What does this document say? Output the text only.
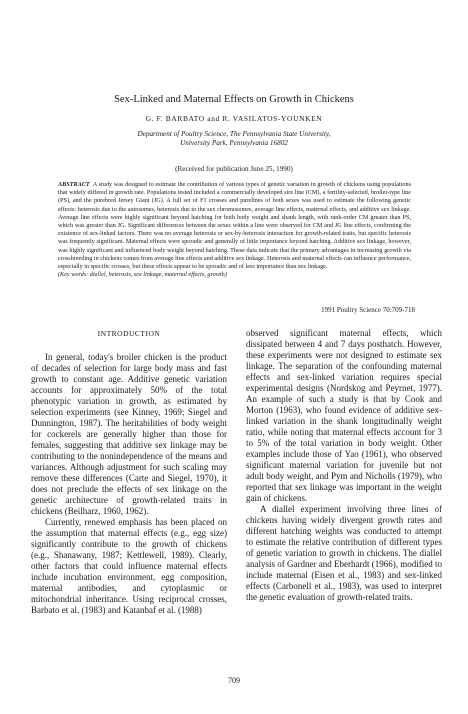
Sex-Linked and Maternal Effects on Growth in Chickens
G. F. BARBATO and R. VASILATOS-YOUNKEN
Department of Poultry Science, The Pennsylvania State University,
University Park, Pennsylvania 16802
(Received for publication June 25, 1990)
ABSTRACT A study was designed to estimate the contribution of various types of genetic variation in growth of chickens using populations that widely differed in growth rate. Populations tested included a commercially developed sire line (CM), a fertility-selected, broiler-type line (PS), and the purebred Jersey Giant (JG). A full set of F1 crosses and purelines of both sexes was used to estimate the following genetic effects: heterosis due to the autosomes, heterosis due to the sex chromosomes, average line effects, maternal effects, and additive sex linkage. Average line effects were highly significant beyond hatching for both body weight and shank length, with rank-order CM greater than PS, which was greater than JG. Significant differences between the sexes within a line were observed for CM and JG line effects, confirming the existence of sex-linked factors. There was no average heterosis or sex-by-heterosis interaction for growth-related traits, but specific heterosis was frequently significant. Maternal effects were sporadic and generally of little importance beyond hatching. Additive sex linkage, however, was highly significant and influenced body weight beyond hatching. These data indicate that the primary advantages in increasing growth via crossbreeding in chickens comes from average line effects and additive sex linkage. Heterosis and maternal effects can influence performance, especially in specific crosses, but these effects appear to be sporadic and of less importance than sex linkage.
(Key words: diallel, heterosis, sex linkage, maternal effects, growth)
1991 Poultry Science 70:709-718

INTRODUCTION

In general, today's broiler chicken is the product of decades of selection for large body mass and fast growth to constant age. Additive genetic variation accounts for approximately 50% of the total phenotypic variation in growth, as estimated by selection experiments (see Kinney, 1969; Siegel and Dunnington, 1987). The heritabilities of body weight for cockerels are generally higher than those for females, suggesting that additive sex linkage may be contributing to the nonindependence of the means and variances. Although adjustment for such scaling may remove these differences (Carte and Siegel, 1970), it does not preclude the effects of sex linkage on the genetic architecture of growth-related traits in chickens (Beilharz, 1960, 1962).

Currently, renewed emphasis has been placed on the assumption that maternal effects (e.g., egg size) significantly contribute to the growth of chickens (e.g., Shanawany, 1987; Kettlewell, 1989). Clearly, other factors that could influence maternal effects include incubation environment, egg composition, maternal antibodies, and cytoplasmic or mitochondrial inheritance. Using reciprocal crosses, Barbato et al. (1983) and Katanbaf et al. (1988)

observed significant maternal effects, which dissipated between 4 and 7 days posthatch. However, these experiments were not designed to estimate sex linkage. The separation of the confounding maternal effects and sex-linked variation requires special experimental designs (Nordskog and Peyrnet, 1977). An example of such a study is that by Cook and Morton (1963), who found evidence of additive sex-linked variation in the shank longitudinally weight ratio, while noting that maternal effects account for 3 to 5% of the total variation in body weight. Other examples include those of Yao (1961), who observed significant maternal variation for juvenile but not adult body weight, and Pym and Nicholls (1979), who reported that sex linkage was important in the weight gain of chickens.

A diallel experiment involving three lines of chickens having widely divergent growth rates and different hatching weights was conducted to attempt to estimate the relative contribution of different types of genetic variation to growth in chickens. The diallel analysis of Gardner and Eberhardt (1966), modified to include maternal (Eisen et al., 1983) and sex-linked effects (Carbonell et al., 1983), was used to interpret the genetic evaluation of growth-related traits.

709
